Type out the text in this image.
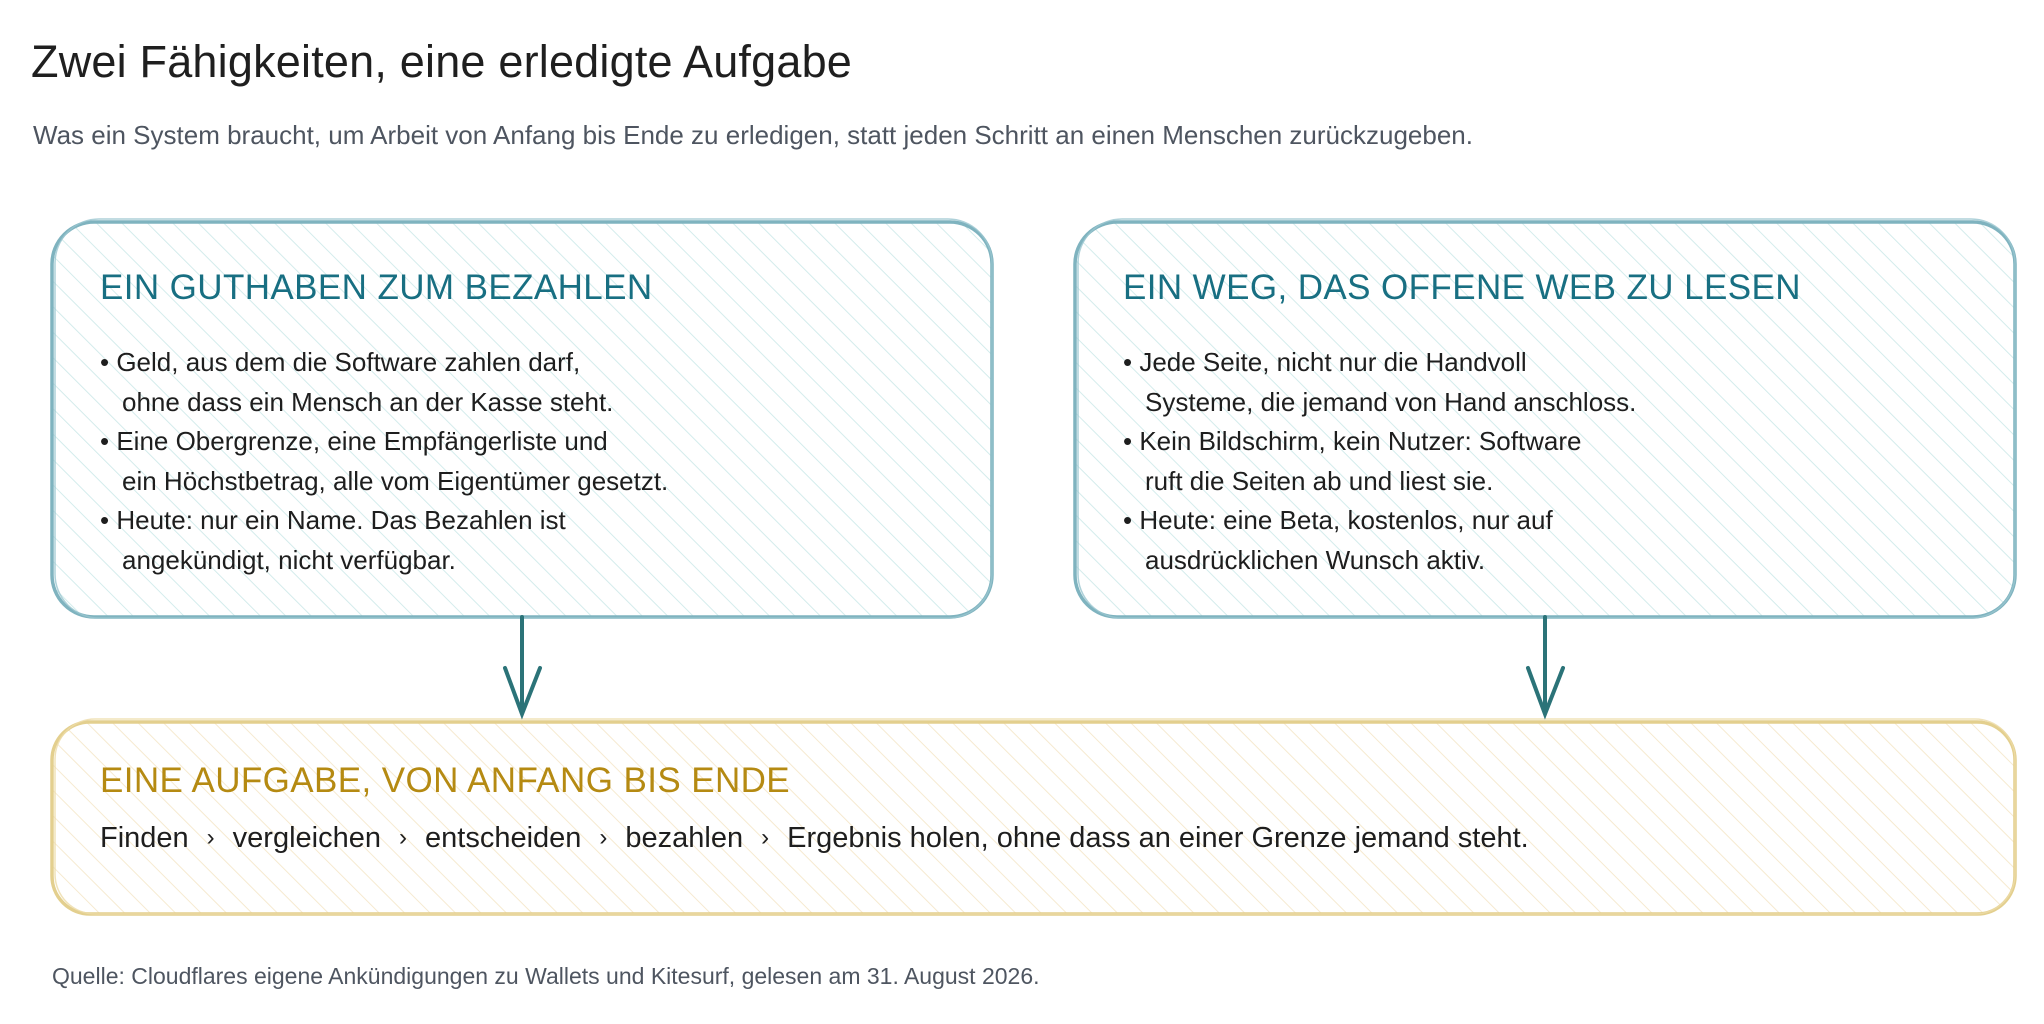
Zwei Fähigkeiten, eine erledigte Aufgabe
Was ein System braucht, um Arbeit von Anfang bis Ende zu erledigen, statt jeden Schritt an einen Menschen zurückzugeben.
EIN GUTHABEN ZUM BEZAHLEN
• Geld, aus dem die Software zahlen darf,
ohne dass ein Mensch an der Kasse steht.
• Eine Obergrenze, eine Empfängerliste und
ein Höchstbetrag, alle vom Eigentümer gesetzt.
• Heute: nur ein Name. Das Bezahlen ist
angekündigt, nicht verfügbar.
EIN WEG, DAS OFFENE WEB ZU LESEN
• Jede Seite, nicht nur die Handvoll
Systeme, die jemand von Hand anschloss.
• Kein Bildschirm, kein Nutzer: Software
ruft die Seiten ab und liest sie.
• Heute: eine Beta, kostenlos, nur auf
ausdrücklichen Wunsch aktiv.
EINE AUFGABE, VON ANFANG BIS ENDE
Finden › vergleichen › entscheiden › bezahlen › Ergebnis holen, ohne dass an einer Grenze jemand steht.
Quelle: Cloudflares eigene Ankündigungen zu Wallets und Kitesurf, gelesen am 31. August 2026.
